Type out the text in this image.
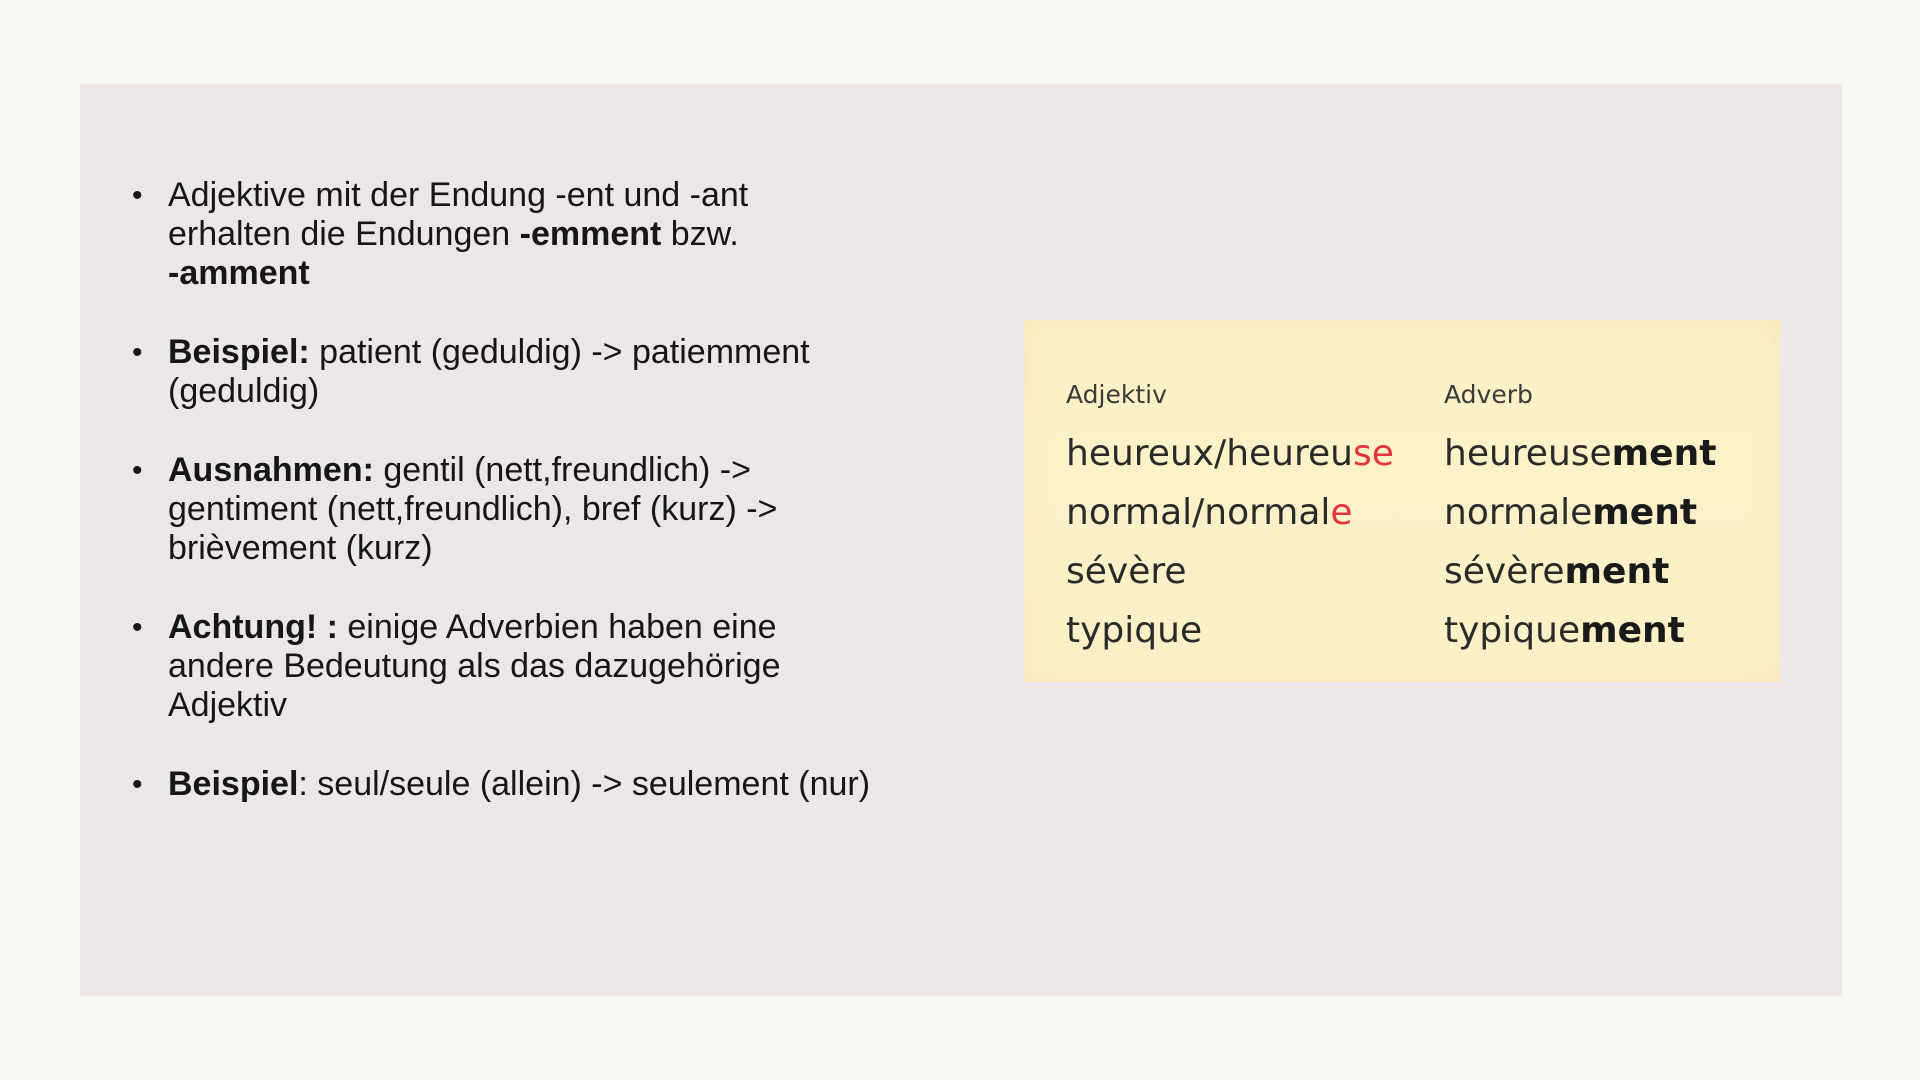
• Adjektive mit der Endung -ent und -ant
erhalten die Endungen -emment bzw.
-amment
• Beispiel: patient (geduldig) -> patiemment
(geduldig)
• Ausnahmen: gentil (nett,freundlich) ->
gentiment (nett,freundlich), bref (kurz) ->
brièvement (kurz)
• Achtung! : einige Adverbien haben eine
andere Bedeutung als das dazugehörige
Adjektiv
• Beispiel: seul/seule (allein) -> seulement (nur)
Adjektiv
heureux/heureuse
normal/normale
sévère
typique
Adverb
heureusement
normalement
sévèrement
typiquement
